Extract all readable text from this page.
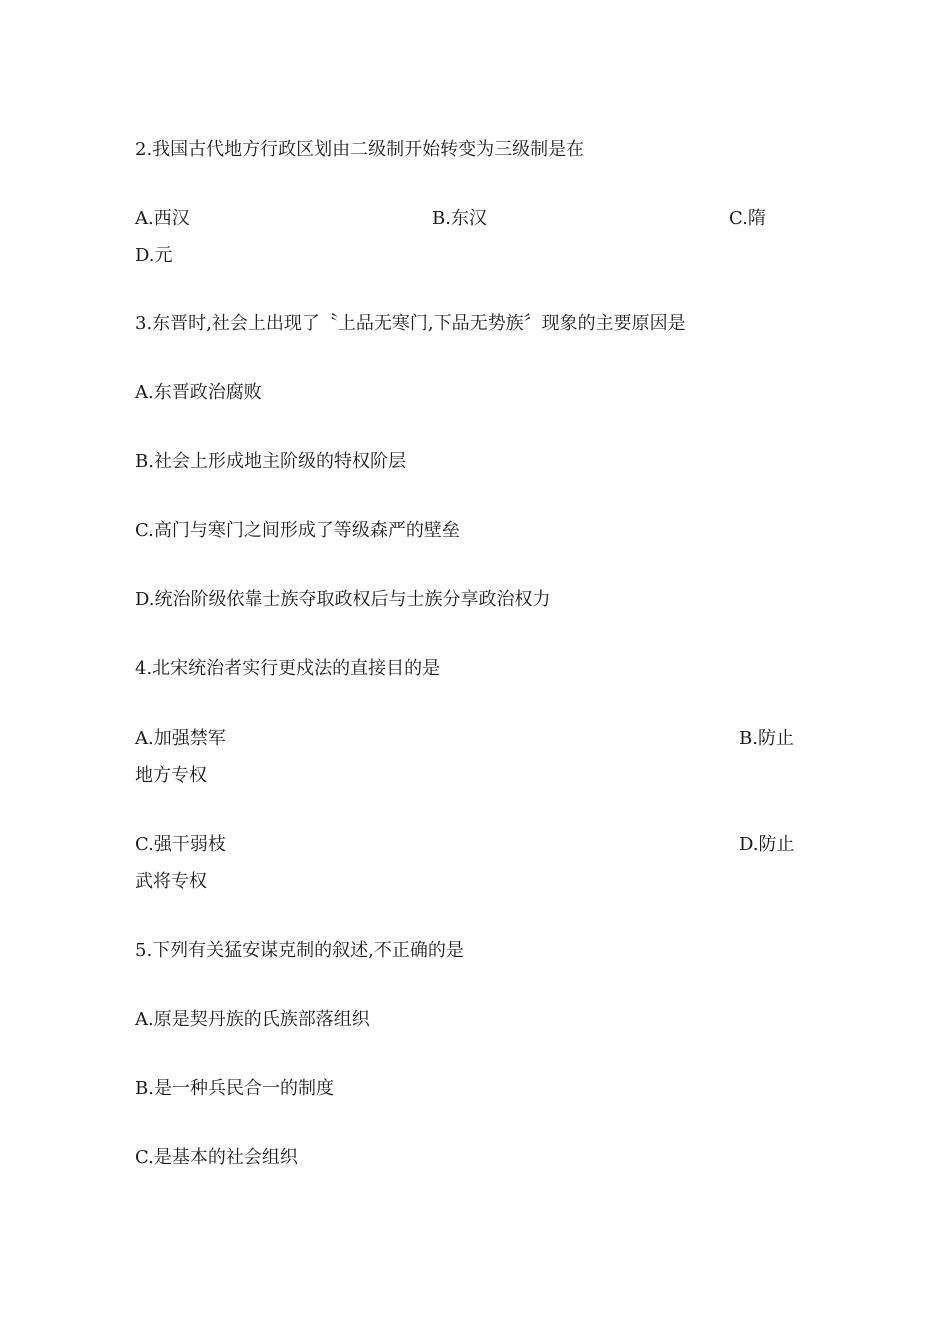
2.我国古代地方行政区划由二级制开始转变为三级制是在
A.西汉	B.东汉	C.隋
D.元
3.东晋时,社会上出现了〝上品无寒门,下品无势族〞现象的主要原因是
A.东晋政治腐败
B.社会上形成地主阶级的特权阶层
C.高门与寒门之间形成了等级森严的壁垒
D.统治阶级依靠士族夺取政权后与士族分享政治权力
4.北宋统治者实行更戍法的直接目的是
A.加强禁军	B.防止
地方专权
C.强干弱枝	D.防止
武将专权
5.下列有关猛安谋克制的叙述,不正确的是
A.原是契丹族的氏族部落组织
B.是一种兵民合一的制度
C.是基本的社会组织
